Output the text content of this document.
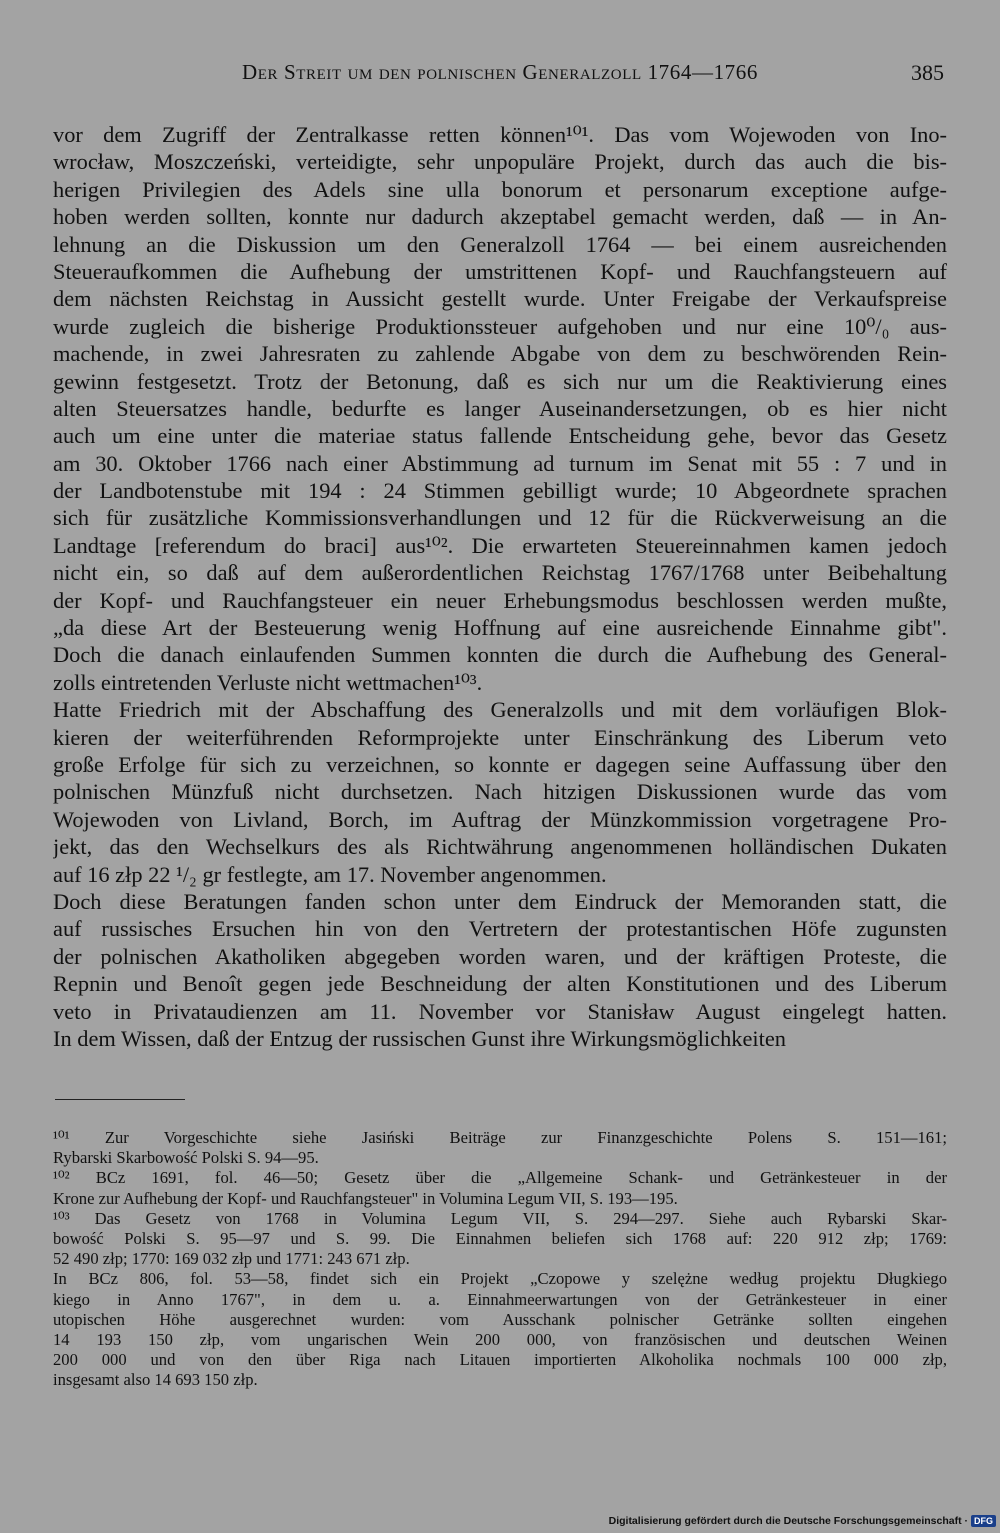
Der Streit um den polnischen Generalzoll 1764—1766	385
vor dem Zugriff der Zentralkasse retten können¹⁰¹. Das vom Wojewoden von Ino-
wrocław, Moszczeński, verteidigte, sehr unpopuläre Projekt, durch das auch die bis-
herigen Privilegien des Adels sine ulla bonorum et personarum exceptione aufge-
hoben werden sollten, konnte nur dadurch akzeptabel gemacht werden, daß — in An-
lehnung an die Diskussion um den Generalzoll 1764 — bei einem ausreichenden
Steueraufkommen die Aufhebung der umstrittenen Kopf- und Rauchfangsteuern auf
dem nächsten Reichstag in Aussicht gestellt wurde. Unter Freigabe der Verkaufspreise
wurde zugleich die bisherige Produktionssteuer aufgehoben und nur eine 10⁰/₀ aus-
machende, in zwei Jahresraten zu zahlende Abgabe von dem zu beschwörenden Rein-
gewinn festgesetzt. Trotz der Betonung, daß es sich nur um die Reaktivierung eines
alten Steuersatzes handle, bedurfte es langer Auseinandersetzungen, ob es hier nicht
auch um eine unter die materiae status fallende Entscheidung gehe, bevor das Gesetz
am 30. Oktober 1766 nach einer Abstimmung ad turnum im Senat mit 55 : 7 und in
der Landbotenstube mit 194 : 24 Stimmen gebilligt wurde; 10 Abgeordnete sprachen
sich für zusätzliche Kommissionsverhandlungen und 12 für die Rückverweisung an die
Landtage [referendum do braci] aus¹⁰². Die erwarteten Steuereinnahmen kamen jedoch
nicht ein, so daß auf dem außerordentlichen Reichstag 1767/1768 unter Beibehaltung
der Kopf- und Rauchfangsteuer ein neuer Erhebungsmodus beschlossen werden mußte,
„da diese Art der Besteuerung wenig Hoffnung auf eine ausreichende Einnahme gibt".
Doch die danach einlaufenden Summen konnten die durch die Aufhebung des General-
zolls eintretenden Verluste nicht wettmachen¹⁰³.
Hatte Friedrich mit der Abschaffung des Generalzolls und mit dem vorläufigen Blok-
kieren der weiterführenden Reformprojekte unter Einschränkung des Liberum veto
große Erfolge für sich zu verzeichnen, so konnte er dagegen seine Auffassung über den
polnischen Münzfuß nicht durchsetzen. Nach hitzigen Diskussionen wurde das vom
Wojewoden von Livland, Borch, im Auftrag der Münzkommission vorgetragene Pro-
jekt, das den Wechselkurs des als Richtwährung angenommenen holländischen Dukaten
auf 16 złp 22 ¹/₂ gr festlegte, am 17. November angenommen.
Doch diese Beratungen fanden schon unter dem Eindruck der Memoranden statt, die
auf russisches Ersuchen hin von den Vertretern der protestantischen Höfe zugunsten
der polnischen Akatholiken abgegeben worden waren, und der kräftigen Proteste, die
Repnin und Benoît gegen jede Beschneidung der alten Konstitutionen und des Liberum
veto in Privataudienzen am 11. November vor Stanisław August eingelegt hatten.
In dem Wissen, daß der Entzug der russischen Gunst ihre Wirkungsmöglichkeiten
¹⁰¹ Zur Vorgeschichte siehe Jasiński Beiträge zur Finanzgeschichte Polens S. 151—161;
Rybarski Skarbowość Polski S. 94—95.
¹⁰² BCz 1691, fol. 46—50; Gesetz über die „Allgemeine Schank- und Getränkesteuer in der
Krone zur Aufhebung der Kopf- und Rauchfangsteuer" in Volumina Legum VII, S. 193—195.
¹⁰³ Das Gesetz von 1768 in Volumina Legum VII, S. 294—297. Siehe auch Rybarski Skar-
bowość Polski S. 95—97 und S. 99. Die Einnahmen beliefen sich 1768 auf: 220 912 złp; 1769:
52 490 złp; 1770: 169 032 złp und 1771: 243 671 złp.
In BCz 806, fol. 53—58, findet sich ein Projekt „Czopowe y szelężne według projektu Długkiego
kiego in Anno 1767", in dem u. a. Einnahmeerwartungen von der Getränkesteuer in einer
utopischen Höhe ausgerechnet wurden: vom Ausschank polnischer Getränke sollten eingehen
14 193 150 złp, vom ungarischen Wein 200 000, von französischen und deutschen Weinen
200 000 und von den über Riga nach Litauen importierten Alkoholika nochmals 100 000 złp,
insgesamt also 14 693 150 złp.
Digitalisierung gefördert durch die Deutsche Forschungsgemeinschaft · DFG
